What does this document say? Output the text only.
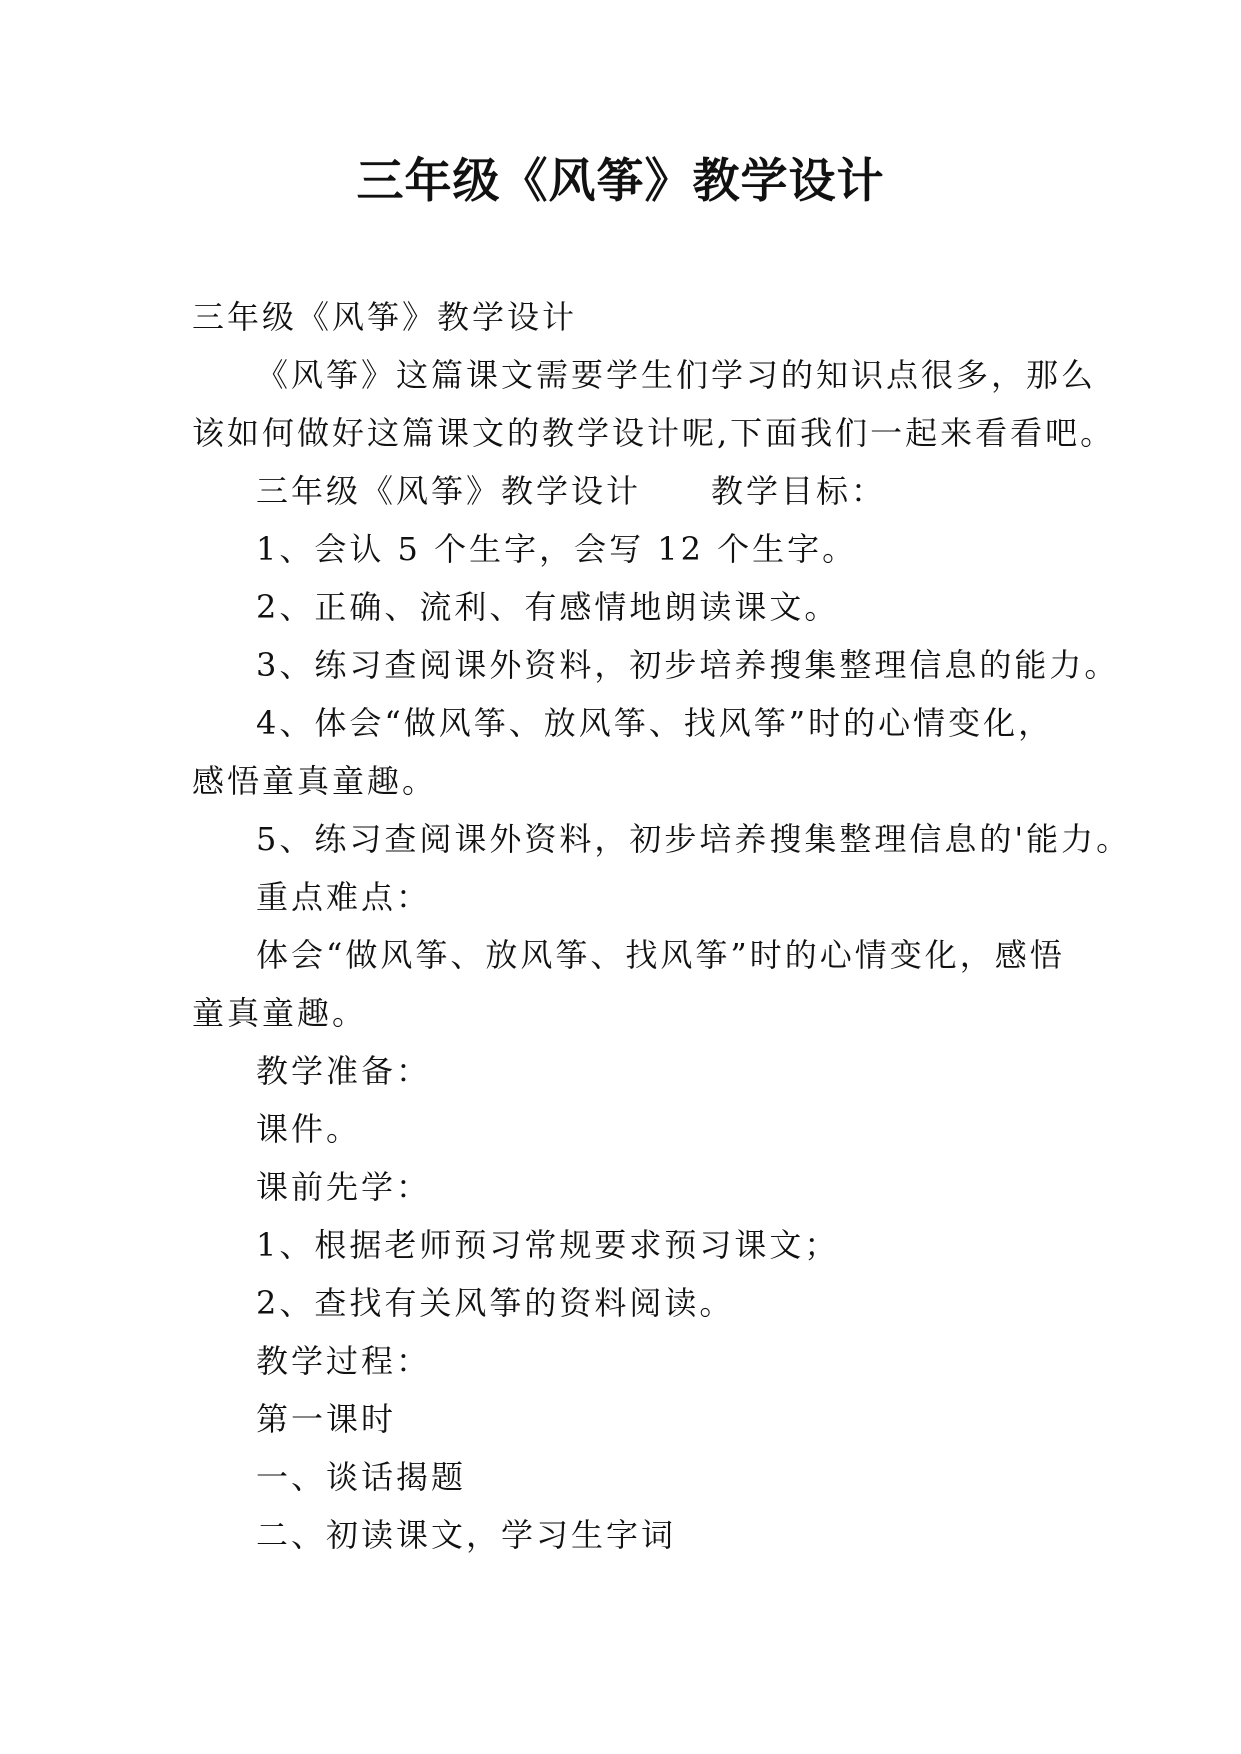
三年级《风筝》教学设计
三年级《风筝》教学设计
《风筝》这篇课文需要学生们学习的知识点很多，那么
该如何做好这篇课文的教学设计呢,下面我们一起来看看吧。
三年级《风筝》教学设计 教学目标：
1、会认 5 个生字，会写 12 个生字。
2、正确、流利、有感情地朗读课文。
3、练习查阅课外资料，初步培养搜集整理信息的能力。
4、体会“做风筝、放风筝、找风筝”时的心情变化，
感悟童真童趣。
5、练习查阅课外资料，初步培养搜集整理信息的'能力。
重点难点：
体会“做风筝、放风筝、找风筝”时的心情变化，感悟
童真童趣。
教学准备：
课件。
课前先学：
1、根据老师预习常规要求预习课文；
2、查找有关风筝的资料阅读。
教学过程：
第一课时
一、谈话揭题
二、初读课文，学习生字词
